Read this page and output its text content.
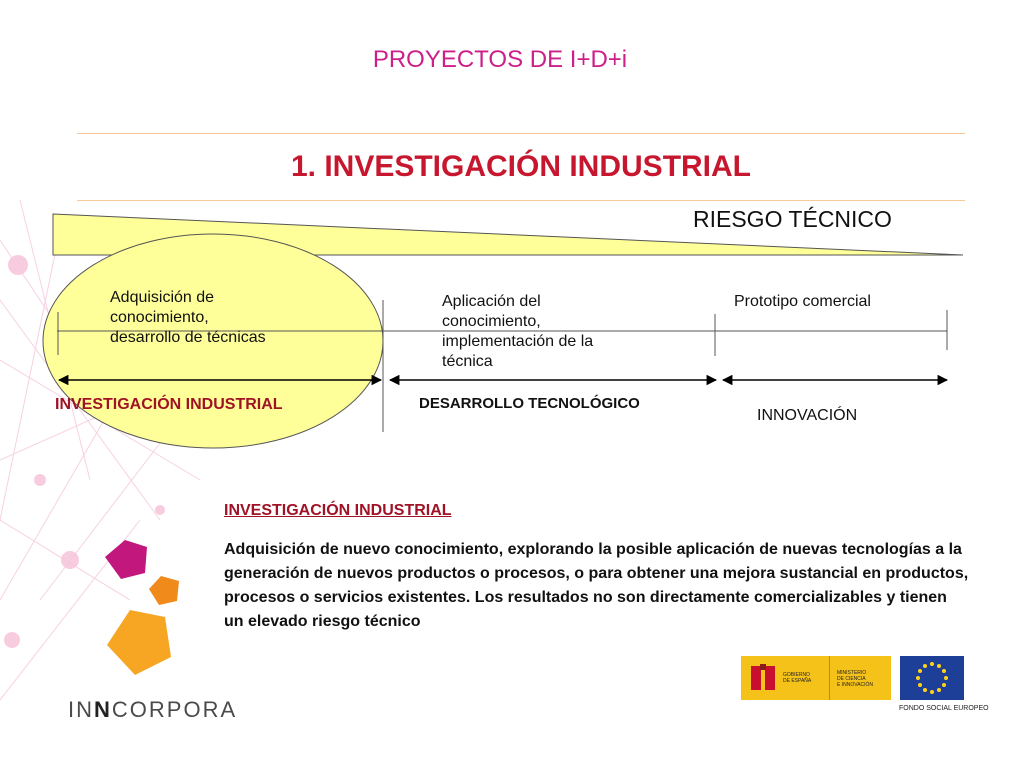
PROYECTOS DE I+D+i
1. INVESTIGACIÓN INDUSTRIAL
RIESGO TÉCNICO
Adquisición de
conocimiento,
desarrollo de técnicas
Aplicación del
conocimiento,
implementación de la
técnica
Prototipo comercial
INVESTIGACIÓN INDUSTRIAL	DESARROLLO TECNOLÓGICO
INNOVACIÓN
INVESTIGACIÓN INDUSTRIAL
Adquisición de nuevo conocimiento, explorando la posible aplicación de nuevas tecnologías a la generación de nuevos productos o procesos, o para obtener una mejora sustancial en productos, procesos o servicios existentes. Los resultados no son directamente comercializables y tienen un elevado riesgo técnico
INNCORPORA
GOBIERNO
DE ESPAÑA
MINISTERIO
DE CIENCIA
E INNOVACIÓN
FONDO SOCIAL EUROPEO
